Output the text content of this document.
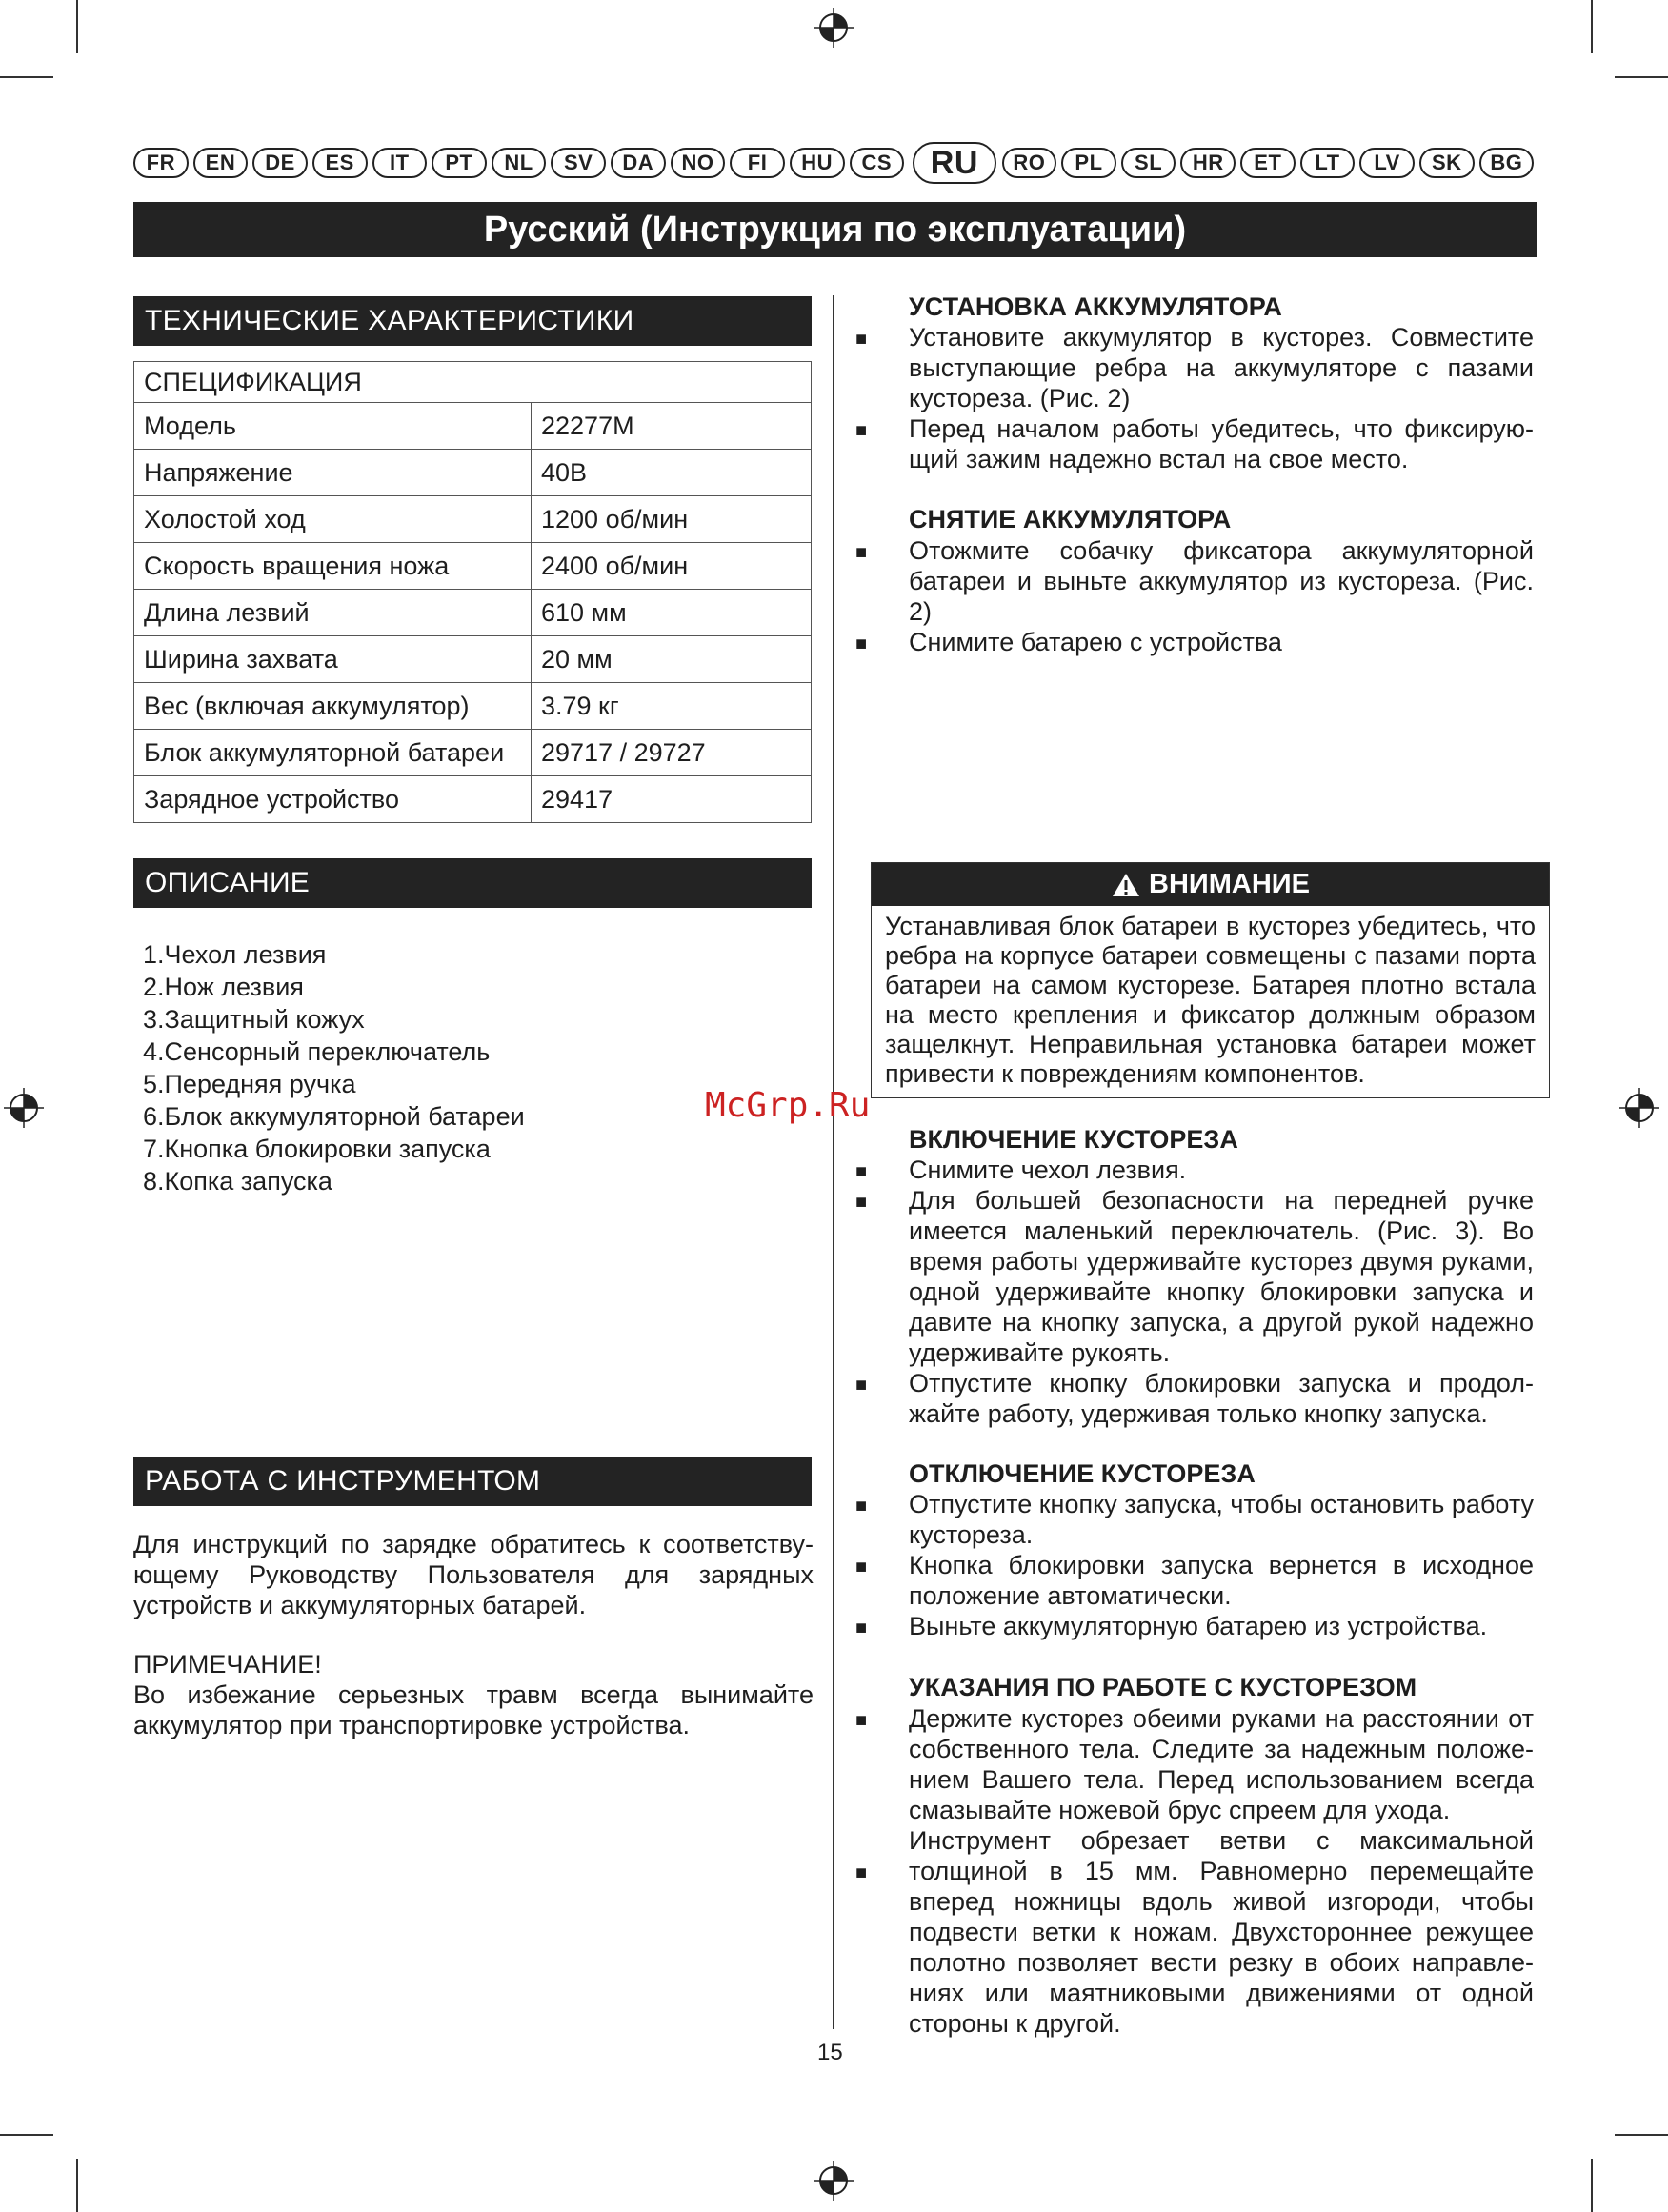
FR	EN	DE	ES	IT	PT	NL	SV	DA	NO	FI	HU	CS	RU	RO	PL	SL	HR	ET	LT	LV	SK	BG
Русский (Инструкция по эксплуатации)
ТЕХНИЧЕСКИЕ ХАРАКТЕРИСТИКИ
СПЕЦИФИКАЦИЯ	
Модель	22277M
Напряжение	40В
Холостой ход	1200 об/мин
Скорость вращения ножа	2400 об/мин
Длина лезвий	610 мм
Ширина захвата	20 мм
Вес (включая аккумулятор)	3.79 кг
Блок аккумуляторной батареи	29717 / 29727
Зарядное устройство	29417
ОПИСАНИЕ
1.Чехол лезвия
2.Нож лезвия
3.Защитный кожух
4.Сенсорный переключатель
5.Передняя ручка
6.Блок аккумуляторной батареи
7.Кнопка блокировки запуска
8.Копка запуска
РАБОТА С ИНСТРУМЕНТОМ
Для инструкций по зарядке обратитесь к соответству-ющему Руководству Пользователя для зарядных устройств и аккумуляторных батарей.
ПРИМЕЧАНИЕ!
Во избежание серьезных травм всегда вынимайте аккумулятор при транспортировке устройства.
УСТАНОВКА АККУМУЛЯТОРА
■ Установите аккумулятор в кусторез. Совместите выступающие ребра на аккумуляторе с пазами кустореза. (Рис. 2)
■ Перед началом работы убедитесь, что фиксирую-щий зажим надежно встал на свое место.
СНЯТИЕ АККУМУЛЯТОРА
■ Отожмите собачку фиксатора аккумуляторной батареи и выньте аккумулятор из кустореза. (Рис. 2)
■ Снимите батарею с устройства
ВНИМАНИЕ
Устанавливая блок батареи в кусторез убедитесь, что ребра на корпусе батареи совмещены с пазами порта батареи на самом кусторезе. Батарея плотно встала на место крепления и фиксатор должным образом защелкнут. Неправильная установка батареи может привести к повреждениям компонентов.
McGrp.Ru
ВКЛЮЧЕНИЕ КУСТОРЕЗА
■ Снимите чехол лезвия.
■ Для большей безопасности на передней ручке имеется маленький переключатель. (Рис. 3). Во время работы удерживайте кусторез двумя руками, одной удерживайте кнопку блокировки запуска и давите на кнопку запуска, а другой рукой надежно удерживайте рукоять.
■ Отпустите кнопку блокировки запуска и продол-жайте работу, удерживая только кнопку запуска.
ОТКЛЮЧЕНИЕ КУСТОРЕЗА
■ Отпустите кнопку запуска, чтобы остановить работу кустореза.
■ Кнопка блокировки запуска вернется в исходное положение автоматически.
■ Выньте аккумуляторную батарею из устройства.
УКАЗАНИЯ ПО РАБОТЕ С КУСТОРЕЗОМ
■ Держите кусторез обеими руками на расстоянии от собственного тела. Следите за надежным положе-нием Вашего тела. Перед использованием всегда смазывайте ножевой брус спреем для ухода.
■
Инструмент обрезает ветви с максимальной толщиной в 15 мм. Равномерно перемещайте вперед ножницы вдоль живой изгороди, чтобы подвести ветки к ножам. Двухстороннее режущее полотно позволяет вести резку в обоих направле-ниях или маятниковыми движениями от одной стороны к другой.
15
